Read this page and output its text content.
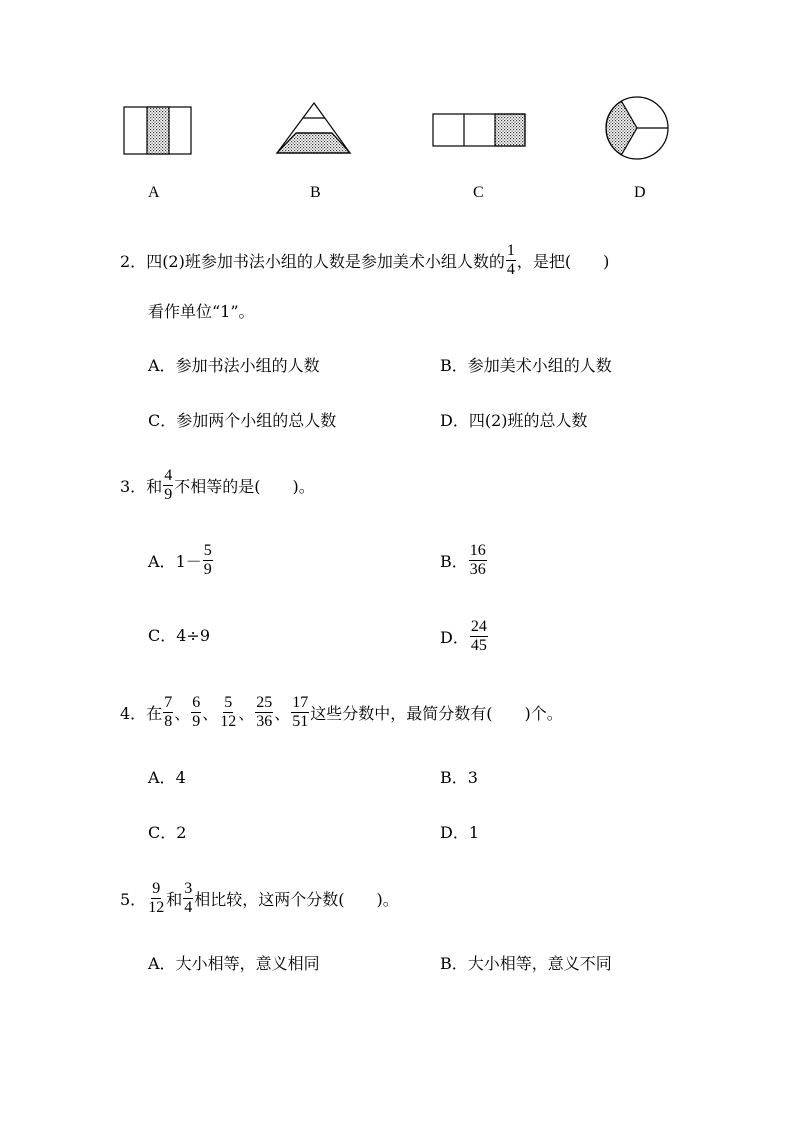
A	B	C	D
2． 四(2)班参加书法小组的人数是参加美术小组人数的 $\frac{1}{4}$ ，是把(　　)
看作单位“1”。
A．参加书法小组的人数	B．参加美术小组的人数
C．参加两个小组的总人数	D．四(2)班的总人数
3． 和 $\frac{4}{9}$ 不相等的是(　　)。
A． $1- \frac{5}{9}$	B． $\frac{16}{36}$
C．4÷9	D． $\frac{24}{45}$
4． 在 $\frac{7}{8}$ 、 $\frac{6}{9}$ 、 $\frac{5}{12}$ 、 $\frac{25}{36}$ 、 $\frac{17}{51}$ 这些分数中，最简分数有(　　)个。
A．4	B．3
C．2	D．1
5． $\frac{9}{12}$ 和 $\frac{3}{4}$ 相比较，这两个分数(　　)。
A．大小相等，意义相同	B．大小相等，意义不同
